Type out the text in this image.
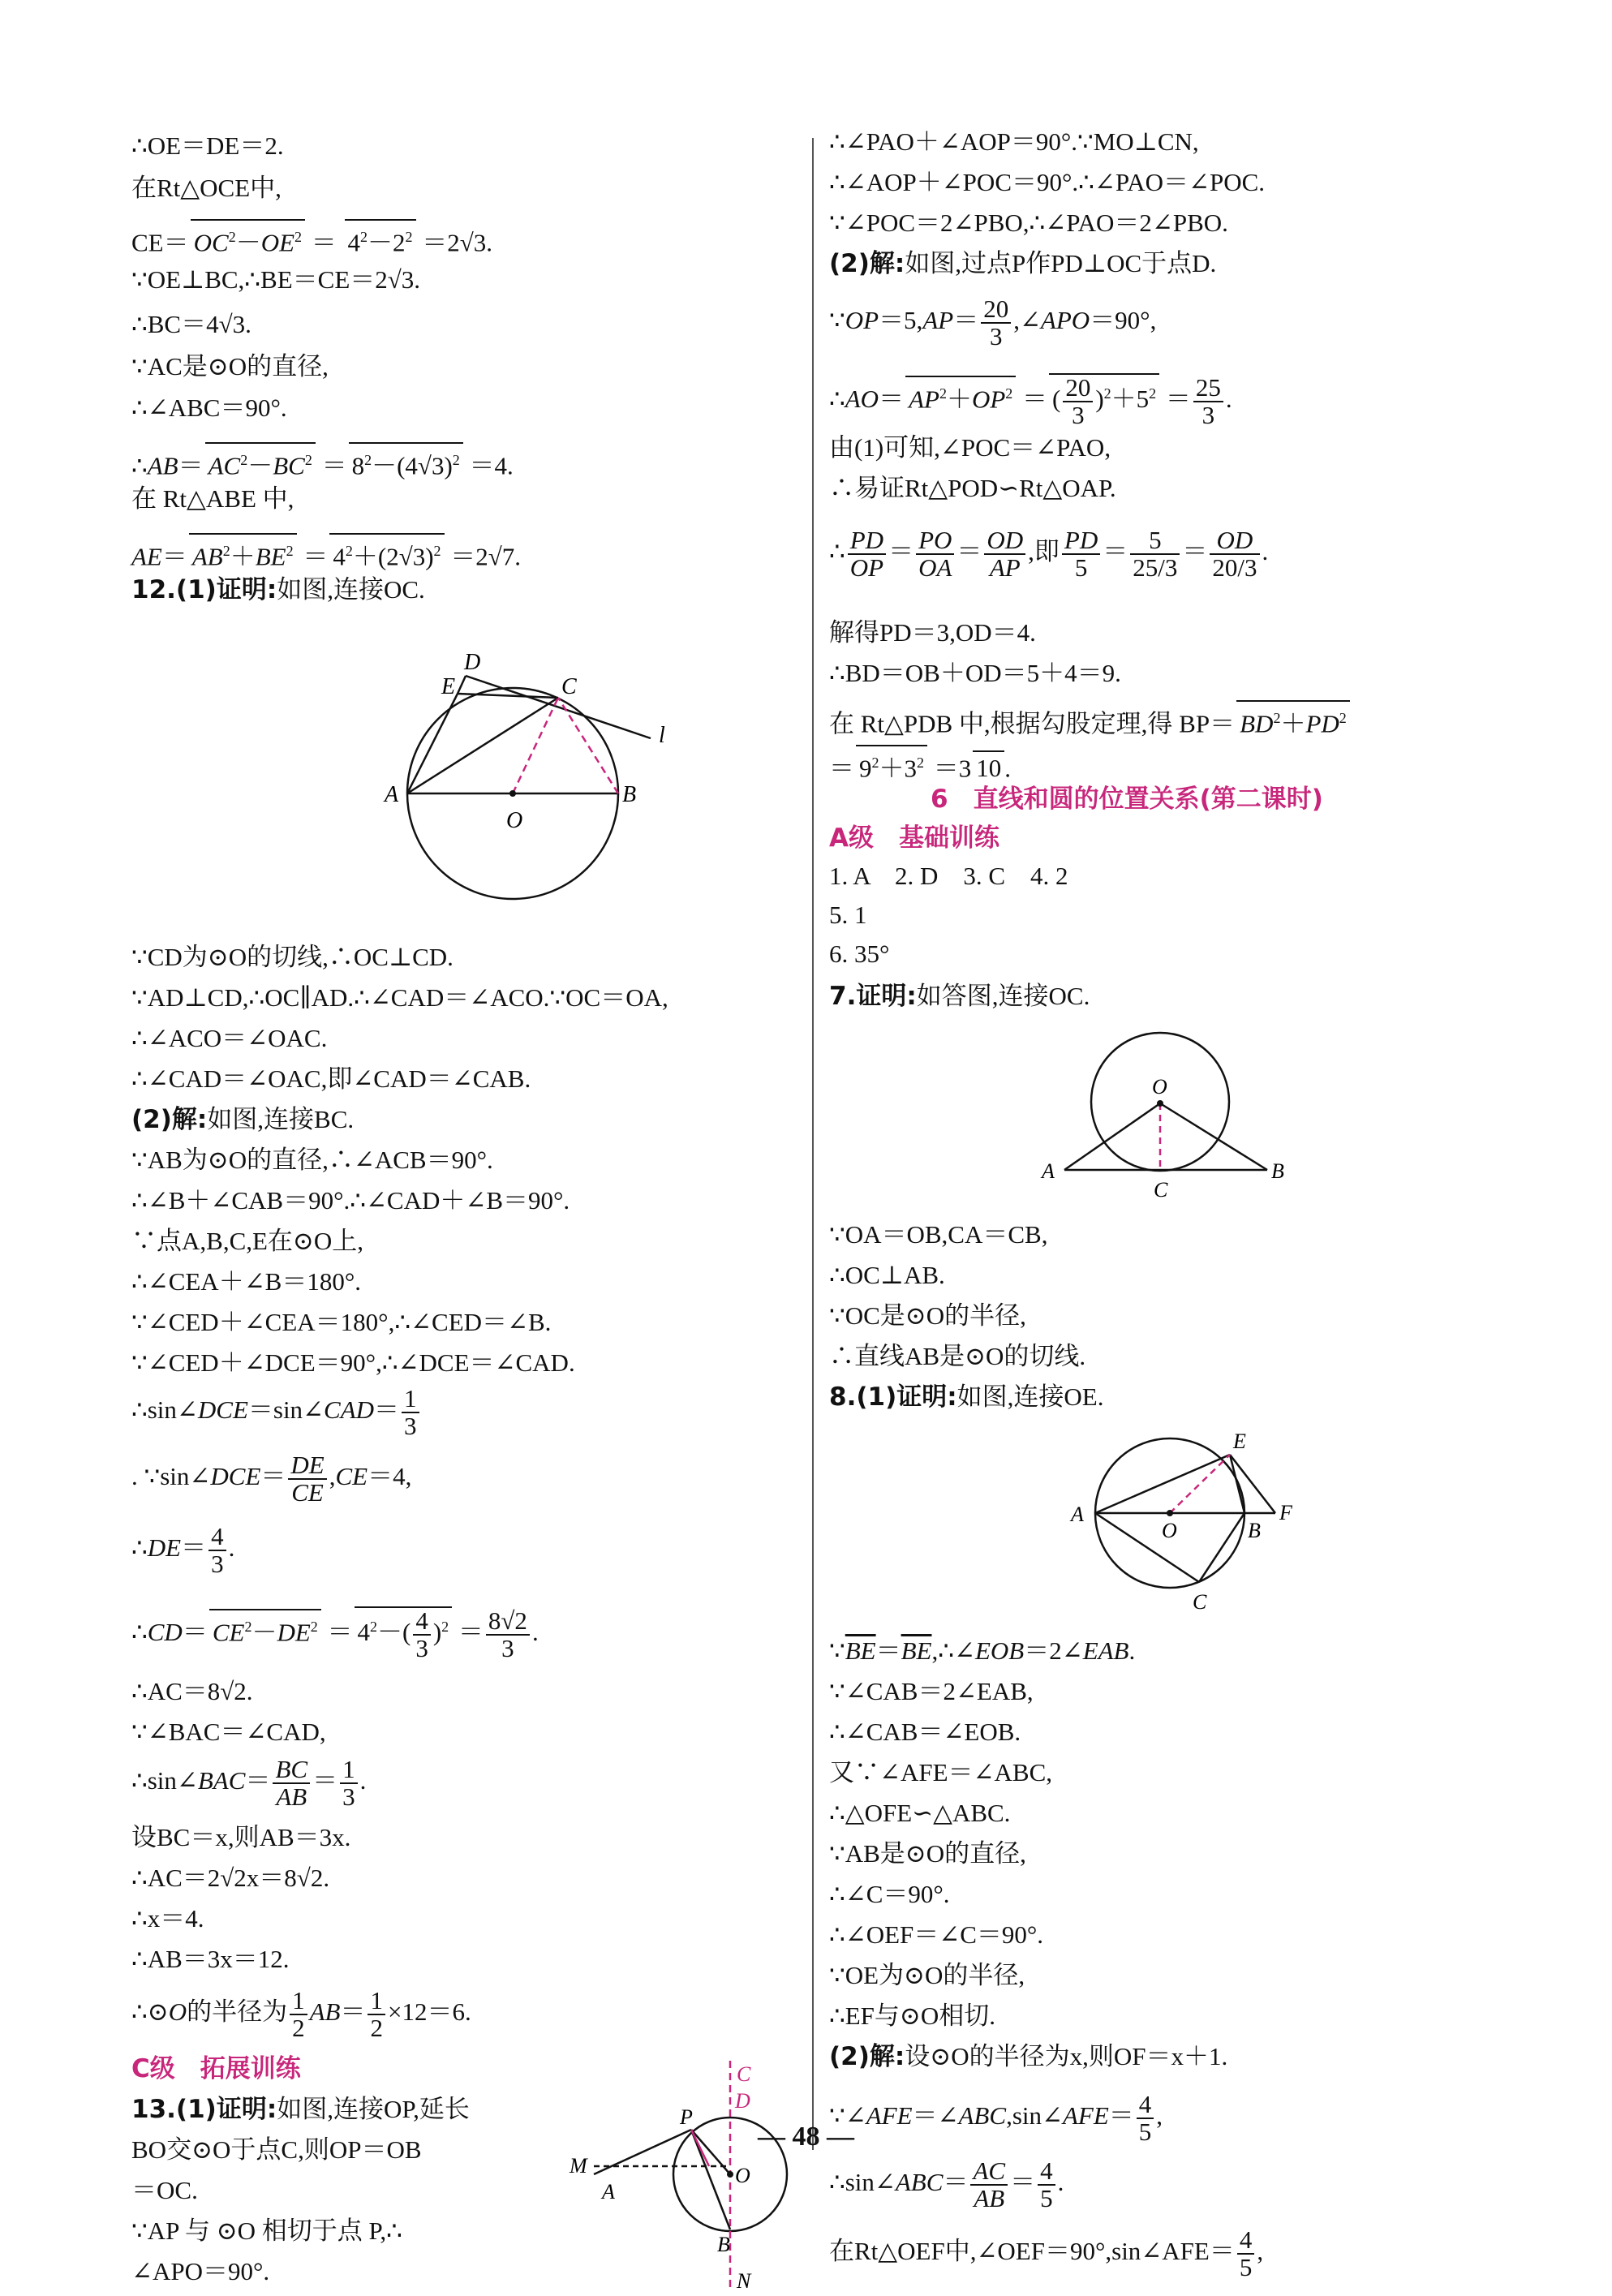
∴OE＝DE＝2.
在Rt△OCE中,
$CE= OC^2-OE^2 = 4^2-2^2 =2√3$.
∵OE⊥BC,∴BE＝CE＝2√3.
∴BC＝4√3.
∵AC是⊙O的直径,
∴∠ABC＝90°.
∴AB＝ $AC^2-BC^2 = 8^2-(4√3)^2 =4$.
在 Rt△ABE 中,
$AE= AB^2+BE^2 = 4^2+(2√3)^2 =2√7$.
12.(1)证明:如图,连接OC.
D
E	C
l
A
O
B
∵CD为⊙O的切线,∴OC⊥CD.
∵AD⊥CD,∴OC∥AD.∴∠CAD＝∠ACO.∵OC＝OA,
∴∠ACO＝∠OAC.
∴∠CAD＝∠OAC,即∠CAD＝∠CAB.
(2)解:如图,连接BC.
∵AB为⊙O的直径,∴∠ACB＝90°.
∴∠B＋∠CAB＝90°.∴∠CAD＋∠B＝90°.
∵点A,B,C,E在⊙O上,
∴∠CEA＋∠B＝180°.
∵∠CED＋∠CEA＝180°,∴∠CED＝∠B.
∵∠CED＋∠DCE＝90°,∴∠DCE＝∠CAD.
∴sin∠DCE＝sin∠CAD＝ $\frac{1}{3}$
. ∵sin∠DCE＝ $\frac{DE}{CE} ,CE=4$,
∴DE＝ $\frac{4}{3}$ .
∴CD＝ $CE^2-DE^2 = 4^2-( \frac{4}{3} )^2 = \frac{8√2}{3}$ .
∴AC＝8√2.
∵∠BAC＝∠CAD,
∴sin∠BAC＝ $\frac{BC}{AB} = \frac{1}{3}$ .
设BC＝x,则AB＝3x.
∴AC＝2√2x＝8√2.
∴x＝4.
∴AB＝3x＝12.
∴⊙O的半径为 $\frac{1}{2} AB= \frac{1}{2} \times 12=6$.
C级　拓展训练
13.(1)证明:如图,连接OP,延长
BO交⊙O于点C,则OP＝OB
＝OC.
∵AP 与 ⊙O 相切于点 P,∴
∠APO＝90°.
P
C
D
M
A
O
B
N
∴∠PAO＋∠AOP＝90°.∵MO⊥CN,
∴∠AOP＋∠POC＝90°.∴∠PAO＝∠POC.
∵∠POC＝2∠PBO,∴∠PAO＝2∠PBO.
(2)解:如图,过点P作PD⊥OC于点D.
∵OP＝5,AP＝ $\frac{20}{3}$ ,∠APO＝90°,
∴AO＝ $AP^2+OP^2$ ＝ ( $\frac{20}{3} )^2+5^2 = \frac{25}{3}$ .
由(1)可知,∠POC＝∠PAO,
∴易证Rt△POD∽Rt△OAP.
∴ $\frac{PD}{OP} = \frac{PO}{OA} = \frac{OD}{AP}$ ,即 $\frac{PD}{5} = \frac{5}{25/3} = \frac{OD}{20/3}$ .
解得PD＝3,OD＝4.
∴BD＝OB＋OD＝5＋4＝9.
在 Rt△PDB 中,根据勾股定理,得 $BP= BD^2+PD^2$
＝ $9^2+3^2 =3$ 10 .
6　直线和圆的位置关系(第二课时)
A级　基础训练
1. A　2. D　3. C　4. 2
5. 1
6. 35°
7.证明:如答图,连接OC.
O
A
C
B
∵OA＝OB,CA＝CB,
∴OC⊥AB.
∵OC是⊙O的半径,
∴直线AB是⊙O的切线.
8.(1)证明:如图,连接OE.
E
A
O	B
F
C
$\because\overline{BE}=\overline{BE},\therefore\angle EOB=2\angle EAB$.
∵∠CAB＝2∠EAB,
∴∠CAB＝∠EOB.
又∵∠AFE＝∠ABC,
∴△OFE∽△ABC.
∵AB是⊙O的直径,
∴∠C＝90°.
∴∠OEF＝∠C＝90°.
∵OE为⊙O的半径,
∴EF与⊙O相切.
(2)解:设⊙O的半径为x,则OF＝x＋1.
∵∠AFE＝∠ABC,sin∠AFE＝ $\frac{4}{5}$ ,
∴sin∠ABC＝ $\frac{AC}{AB} = \frac{4}{5}$ .
在Rt△OEF中,∠OEF＝90°,sin∠AFE＝ $\frac{4}{5}$ ,
— 48 —
